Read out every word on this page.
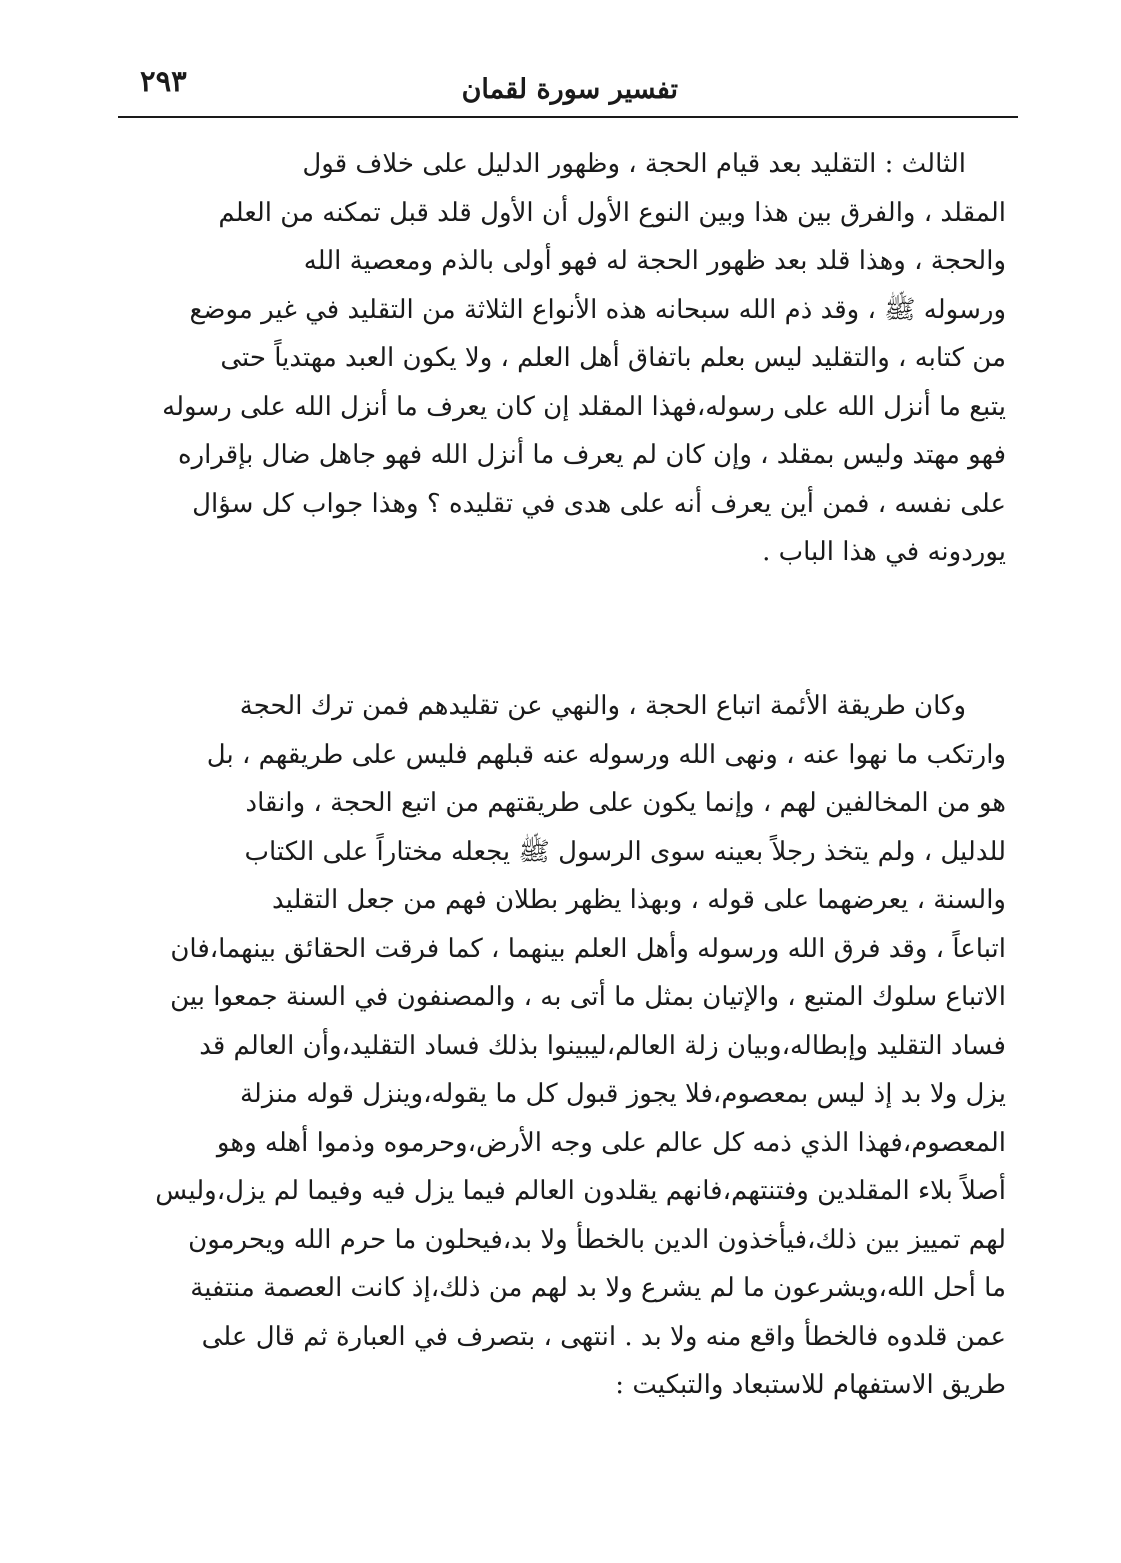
تفسير سورة لقمان
٢٩٣
الثالث : التقليد بعد قيام الحجة ، وظهور الدليل على خلاف قول
المقلد ، والفرق بين هذا وبين النوع الأول أن الأول قلد قبل تمكنه من العلم
والحجة ، وهذا قلد بعد ظهور الحجة له فهو أولى بالذم ومعصية الله
ورسوله ﷺ ، وقد ذم الله سبحانه هذه الأنواع الثلاثة من التقليد في غير موضع
من كتابه ، والتقليد ليس بعلم باتفاق أهل العلم ، ولا يكون العبد مهتدياً حتى
يتبع ما أنزل الله على رسوله،فهذا المقلد إن كان يعرف ما أنزل الله على رسوله
فهو مهتد وليس بمقلد ، وإن كان لم يعرف ما أنزل الله فهو جاهل ضال بإقراره
على نفسه ، فمن أين يعرف أنه على هدى في تقليده ؟ وهذا جواب كل سؤال
يوردونه في هذا الباب .
وكان طريقة الأئمة اتباع الحجة ، والنهي عن تقليدهم فمن ترك الحجة
وارتكب ما نهوا عنه ، ونهى الله ورسوله عنه قبلهم فليس على طريقهم ، بل
هو من المخالفين لهم ، وإنما يكون على طريقتهم من اتبع الحجة ، وانقاد
للدليل ، ولم يتخذ رجلاً بعينه سوى الرسول ﷺ يجعله مختاراً على الكتاب
والسنة ، يعرضهما على قوله ، وبهذا يظهر بطلان فهم من جعل التقليد
اتباعاً ، وقد فرق الله ورسوله وأهل العلم بينهما ، كما فرقت الحقائق بينهما،فان
الاتباع سلوك المتبع ، والإتيان بمثل ما أتى به ، والمصنفون في السنة جمعوا بين
فساد التقليد وإبطاله،وبيان زلة العالم،ليبينوا بذلك فساد التقليد،وأن العالم قد
يزل ولا بد إذ ليس بمعصوم،فلا يجوز قبول كل ما يقوله،وينزل قوله منزلة
المعصوم،فهذا الذي ذمه كل عالم على وجه الأرض،وحرموه وذموا أهله وهو
أصلاً بلاء المقلدين وفتنتهم،فانهم يقلدون العالم فيما يزل فيه وفيما لم يزل،وليس
لهم تمييز بين ذلك،فيأخذون الدين بالخطأ ولا بد،فيحلون ما حرم الله ويحرمون
ما أحل الله،ويشرعون ما لم يشرع ولا بد لهم من ذلك،إذ كانت العصمة منتفية
عمن قلدوه فالخطأ واقع منه ولا بد . انتهى ، بتصرف في العبارة ثم قال على
طريق الاستفهام للاستبعاد والتبكيت :
